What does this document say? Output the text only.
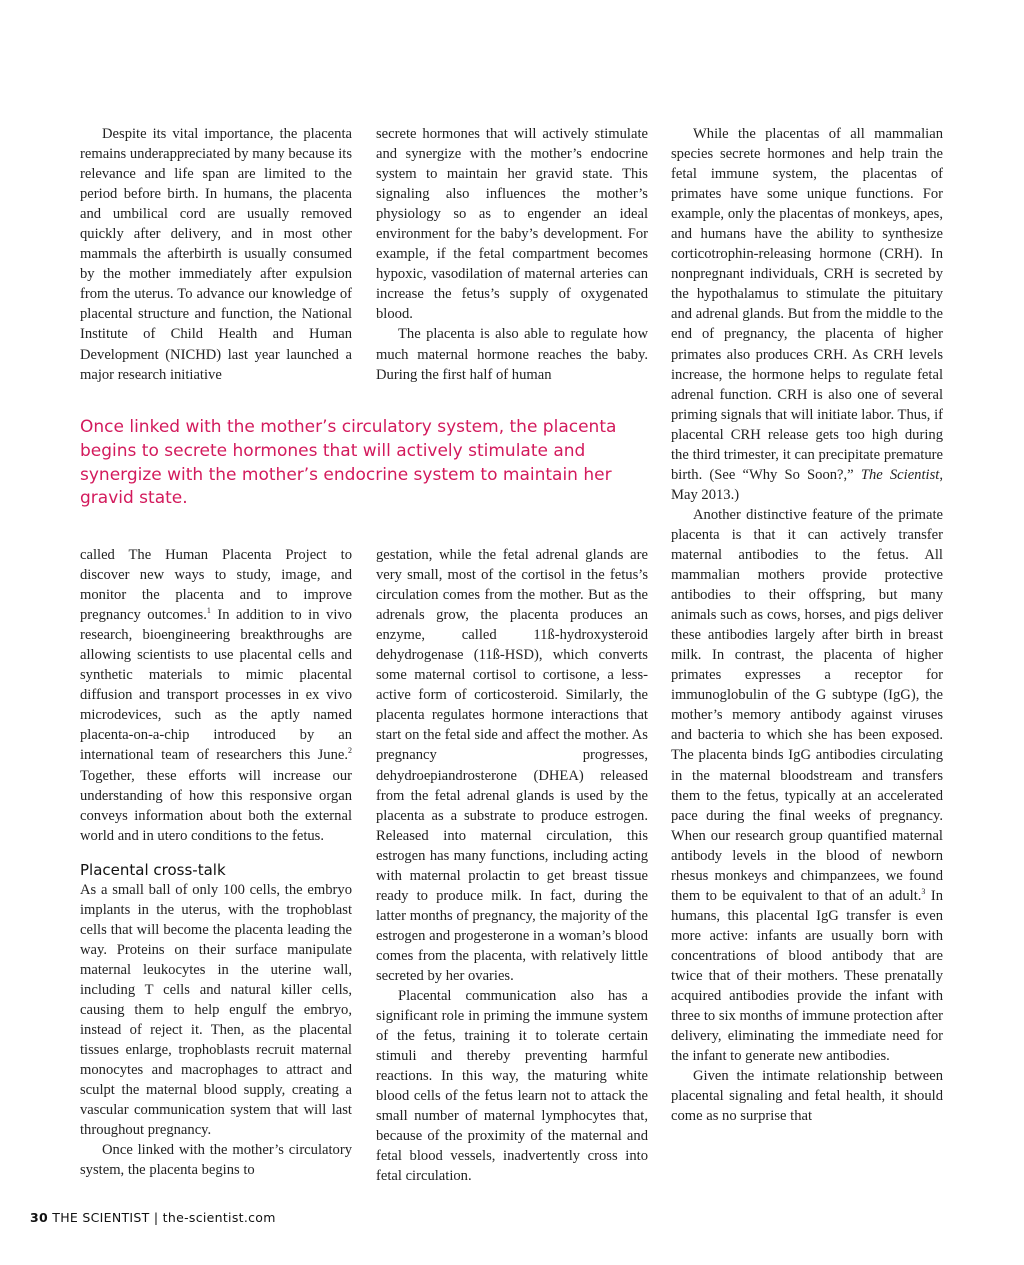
Despite its vital importance, the placenta remains underappreciated by many because its relevance and life span are limited to the period before birth. In humans, the placenta and umbilical cord are usually removed quickly after delivery, and in most other mammals the afterbirth is usually consumed by the mother immediately after expulsion from the uterus. To advance our knowledge of placental structure and function, the National Institute of Child Health and Human Development (NICHD) last year launched a major research initiative

secrete hormones that will actively stimulate and synergize with the mother’s endocrine system to maintain her gravid state. This signaling also influences the mother’s physiology so as to engender an ideal environment for the baby’s development. For example, if the fetal compartment becomes hypoxic, vasodilation of maternal arteries can increase the fetus’s supply of oxygenated blood.

The placenta is also able to regulate how much maternal hormone reaches the baby. During the first half of human

Once linked with the mother’s circulatory system, the placenta begins to secrete hormones that will actively stimulate and synergize with the mother’s endocrine system to maintain her gravid state.

called The Human Placenta Project to discover new ways to study, image, and monitor the placenta and to improve pregnancy outcomes.$^1$ In addition to in vivo research, bioengineering breakthroughs are allowing scientists to use placental cells and synthetic materials to mimic placental diffusion and transport processes in ex vivo microdevices, such as the aptly named placenta-on-a-chip introduced by an international team of researchers this June.$^2$ Together, these efforts will increase our understanding of how this responsive organ conveys information about both the external world and in utero conditions to the fetus.

Placental cross-talk

As a small ball of only 100 cells, the embryo implants in the uterus, with the trophoblast cells that will become the placenta leading the way. Proteins on their surface manipulate maternal leukocytes in the uterine wall, including T cells and natural killer cells, causing them to help engulf the embryo, instead of reject it. Then, as the placental tissues enlarge, trophoblasts recruit maternal monocytes and macrophages to attract and sculpt the maternal blood supply, creating a vascular communication system that will last throughout pregnancy.

Once linked with the mother’s circulatory system, the placenta begins to

gestation, while the fetal adrenal glands are very small, most of the cortisol in the fetus’s circulation comes from the mother. But as the adrenals grow, the placenta produces an enzyme, called 11ß-hydroxysteroid dehydrogenase (11ß-HSD), which converts some maternal cortisol to cortisone, a less-active form of corticosteroid. Similarly, the placenta regulates hormone interactions that start on the fetal side and affect the mother. As pregnancy progresses, dehydroepiandrosterone (DHEA) released from the fetal adrenal glands is used by the placenta as a substrate to produce estrogen. Released into maternal circulation, this estrogen has many functions, including acting with maternal prolactin to get breast tissue ready to produce milk. In fact, during the latter months of pregnancy, the majority of the estrogen and progesterone in a woman’s blood comes from the placenta, with relatively little secreted by her ovaries.

Placental communication also has a significant role in priming the immune system of the fetus, training it to tolerate certain stimuli and thereby preventing harmful reactions. In this way, the maturing white blood cells of the fetus learn not to attack the small number of maternal lymphocytes that, because of the proximity of the maternal and fetal blood vessels, inadvertently cross into fetal circulation.

While the placentas of all mammalian species secrete hormones and help train the fetal immune system, the placentas of primates have some unique functions. For example, only the placentas of monkeys, apes, and humans have the ability to synthesize corticotrophin-releasing hormone (CRH). In nonpregnant individuals, CRH is secreted by the hypothalamus to stimulate the pituitary and adrenal glands. But from the middle to the end of pregnancy, the placenta of higher primates also produces CRH. As CRH levels increase, the hormone helps to regulate fetal adrenal function. CRH is also one of several priming signals that will initiate labor. Thus, if placental CRH release gets too high during the third trimester, it can precipitate premature birth. (See “Why So Soon?,” The Scientist, May 2013.)

Another distinctive feature of the primate placenta is that it can actively transfer maternal antibodies to the fetus. All mammalian mothers provide protective antibodies to their offspring, but many animals such as cows, horses, and pigs deliver these antibodies largely after birth in breast milk. In contrast, the placenta of higher primates expresses a receptor for immunoglobulin of the G subtype (IgG), the mother’s memory antibody against viruses and bacteria to which she has been exposed. The placenta binds IgG antibodies circulating in the maternal bloodstream and transfers them to the fetus, typically at an accelerated pace during the final weeks of pregnancy. When our research group quantified maternal antibody levels in the blood of newborn rhesus monkeys and chimpanzees, we found them to be equivalent to that of an adult.$^3$ In humans, this placental IgG transfer is even more active: infants are usually born with concentrations of blood antibody that are twice that of their mothers. These prenatally acquired antibodies provide the infant with three to six months of immune protection after delivery, eliminating the immediate need for the infant to generate new antibodies.

Given the intimate relationship between placental signaling and fetal health, it should come as no surprise that

30 THE SCIENTIST | the-scientist.com
